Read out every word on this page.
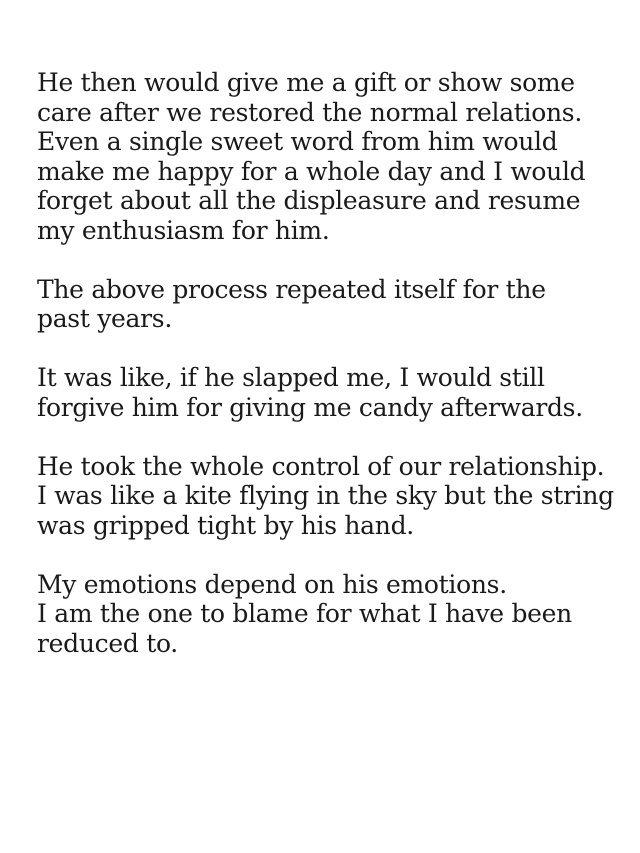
He then would give me a gift or show some
care after we restored the normal relations.
Even a single sweet word from him would
make me happy for a whole day and I would
forget about all the displeasure and resume
my enthusiasm for him.

The above process repeated itself for the
past years.

It was like, if he slapped me, I would still
forgive him for giving me candy afterwards.

He took the whole control of our relationship.
I was like a kite flying in the sky but the string
was gripped tight by his hand.

My emotions depend on his emotions.
I am the one to blame for what I have been
reduced to.
